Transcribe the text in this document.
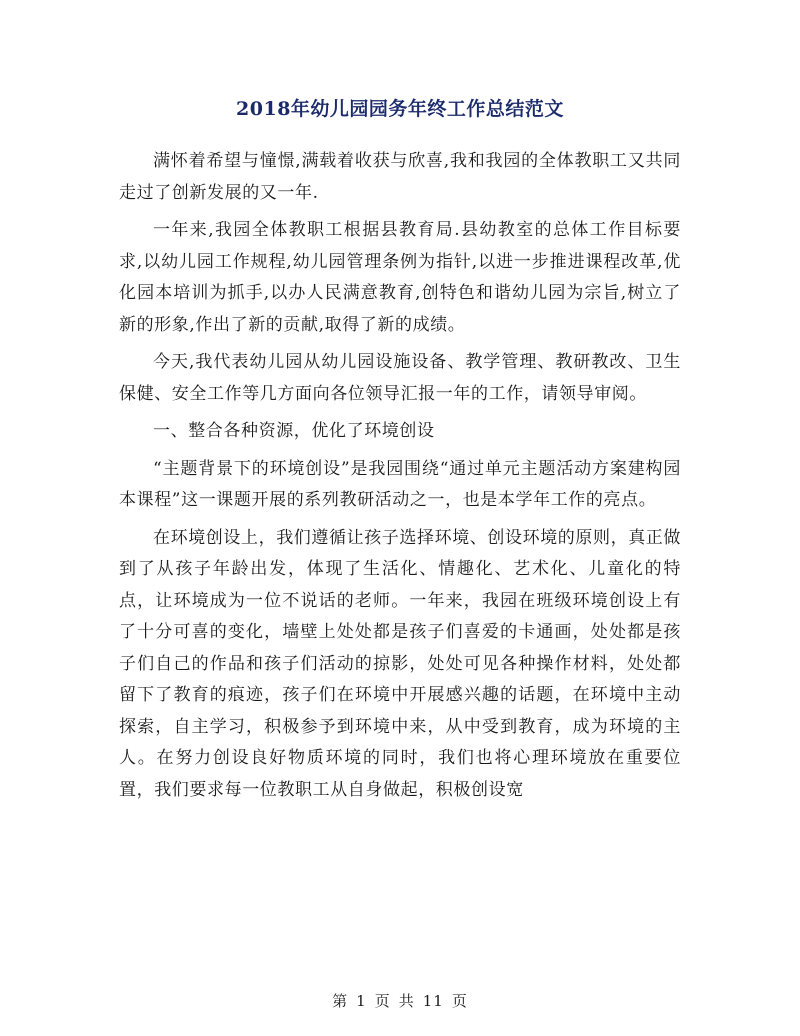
2018年幼儿园园务年终工作总结范文

满怀着希望与憧憬,满载着收获与欣喜,我和我园的全体教职工又共同走过了创新发展的又一年.

一年来,我园全体教职工根据县教育局.县幼教室的总体工作目标要求,以幼儿园工作规程,幼儿园管理条例为指针,以进一步推进课程改革,优化园本培训为抓手,以办人民满意教育,创特色和谐幼儿园为宗旨,树立了新的形象,作出了新的贡献,取得了新的成绩。

今天,我代表幼儿园从幼儿园设施设备、教学管理、教研教改、卫生保健、安全工作等几方面向各位领导汇报一年的工作，请领导审阅。

一、整合各种资源，优化了环境创设

“主题背景下的环境创设”是我园围绕“通过单元主题活动方案建构园本课程”这一课题开展的系列教研活动之一，也是本学年工作的亮点。

在环境创设上，我们遵循让孩子选择环境、创设环境的原则，真正做到了从孩子年龄出发，体现了生活化、情趣化、艺术化、儿童化的特点，让环境成为一位不说话的老师。一年来，我园在班级环境创设上有了十分可喜的变化，墙壁上处处都是孩子们喜爱的卡通画，处处都是孩子们自己的作品和孩子们活动的掠影，处处可见各种操作材料，处处都留下了教育的痕迹，孩子们在环境中开展感兴趣的话题，在环境中主动探索，自主学习，积极参予到环境中来，从中受到教育，成为环境的主人。在努力创设良好物质环境的同时，我们也将心理环境放在重要位置，我们要求每一位教职工从自身做起，积极创设宽

第 1 页 共 11 页
